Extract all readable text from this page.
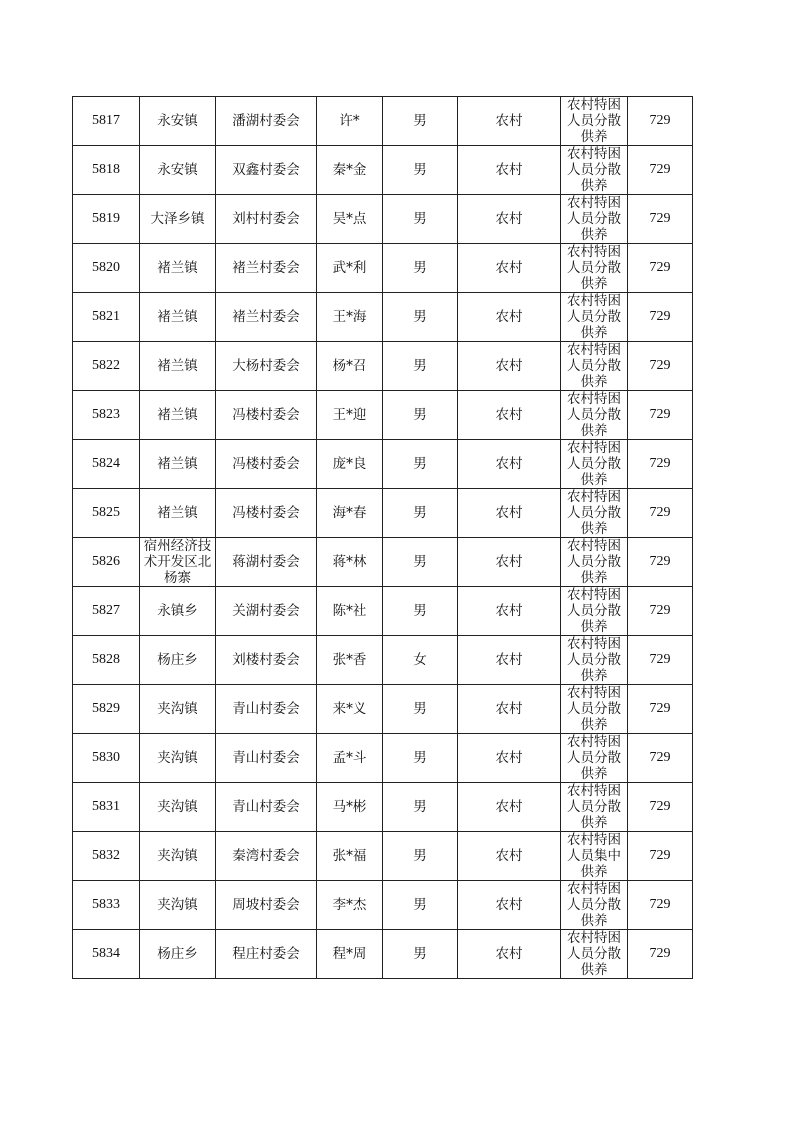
5817	永安镇	潘湖村委会	许*	男	农村	农村特困人员分散供养	729
5818	永安镇	双鑫村委会	秦*金	男	农村	农村特困人员分散供养	729
5819	大泽乡镇	刘村村委会	吴*点	男	农村	农村特困人员分散供养	729
5820	褚兰镇	褚兰村委会	武*利	男	农村	农村特困人员分散供养	729
5821	褚兰镇	褚兰村委会	王*海	男	农村	农村特困人员分散供养	729
5822	褚兰镇	大杨村委会	杨*召	男	农村	农村特困人员分散供养	729
5823	褚兰镇	冯楼村委会	王*迎	男	农村	农村特困人员分散供养	729
5824	褚兰镇	冯楼村委会	庞*良	男	农村	农村特困人员分散供养	729
5825	褚兰镇	冯楼村委会	海*春	男	农村	农村特困人员分散供养	729
5826	宿州经济技术开发区北杨寨	蒋湖村委会	蒋*林	男	农村	农村特困人员分散供养	729
5827	永镇乡	关湖村委会	陈*社	男	农村	农村特困人员分散供养	729
5828	杨庄乡	刘楼村委会	张*香	女	农村	农村特困人员分散供养	729
5829	夹沟镇	青山村委会	来*义	男	农村	农村特困人员分散供养	729
5830	夹沟镇	青山村委会	孟*斗	男	农村	农村特困人员分散供养	729
5831	夹沟镇	青山村委会	马*彬	男	农村	农村特困人员分散供养	729
5832	夹沟镇	秦湾村委会	张*福	男	农村	农村特困人员集中供养	729
5833	夹沟镇	周坡村委会	李*杰	男	农村	农村特困人员分散供养	729
5834	杨庄乡	程庄村委会	程*周	男	农村	农村特困人员分散供养	729
